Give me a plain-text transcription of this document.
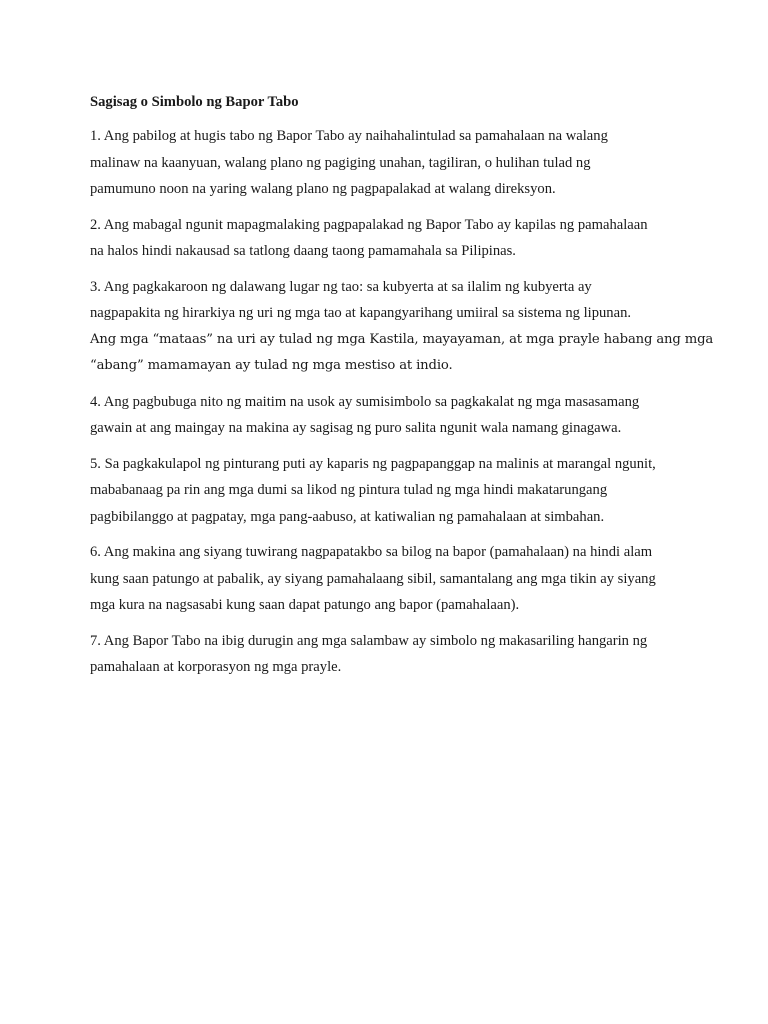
Sagisag o Simbolo ng Bapor Tabo
1. Ang pabilog at hugis tabo ng Bapor Tabo ay naihahalintulad sa pamahalaan na walang
malinaw na kaanyuan, walang plano ng pagiging unahan, tagiliran, o hulihan tulad ng
pamumuno noon na yaring walang plano ng pagpapalakad at walang direksyon.
2. Ang mabagal ngunit mapagmalaking pagpapalakad ng Bapor Tabo ay kapilas ng pamahalaan
na halos hindi nakausad sa tatlong daang taong pamamahala sa Pilipinas.
3. Ang pagkakaroon ng dalawang lugar ng tao: sa kubyerta at sa ilalim ng kubyerta ay
nagpapakita ng hirarkiya ng uri ng mga tao at kapangyarihang umiiral sa sistema ng lipunan.
Ang mga “mataas” na uri ay tulad ng mga Kastila, mayayaman, at mga prayle habang ang mga
“abang” mamamayan ay tulad ng mga mestiso at indio.
4. Ang pagbubuga nito ng maitim na usok ay sumisimbolo sa pagkakalat ng mga masasamang
gawain at ang maingay na makina ay sagisag ng puro salita ngunit wala namang ginagawa.
5. Sa pagkakulapol ng pinturang puti ay kaparis ng pagpapanggap na malinis at marangal ngunit,
mababanaag pa rin ang mga dumi sa likod ng pintura tulad ng mga hindi makatarungang
pagbibilanggo at pagpatay, mga pang-aabuso, at katiwalian ng pamahalaan at simbahan.
6. Ang makina ang siyang tuwirang nagpapatakbo sa bilog na bapor (pamahalaan) na hindi alam
kung saan patungo at pabalik, ay siyang pamahalaang sibil, samantalang ang mga tikin ay siyang
mga kura na nagsasabi kung saan dapat patungo ang bapor (pamahalaan).
7. Ang Bapor Tabo na ibig durugin ang mga salambaw ay simbolo ng makasariling hangarin ng
pamahalaan at korporasyon ng mga prayle.
